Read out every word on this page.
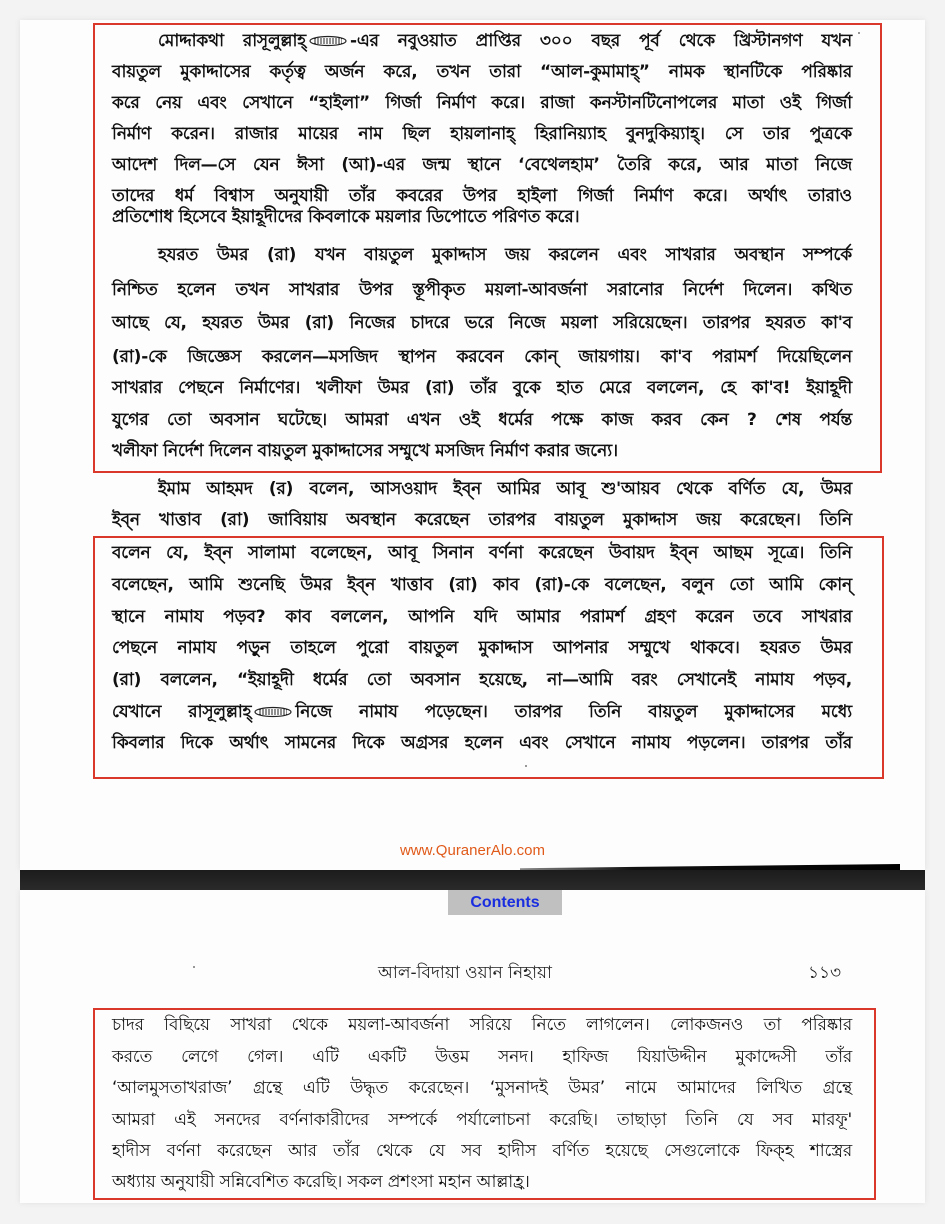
মোদ্দাকথা রাসূলুল্লাহ্	-এর নবুওয়াত প্রাপ্তির ৩০০ বছর পূর্ব থেকে খ্রিস্টানগণ যখন
বায়তুল মুকাদ্দাসের কর্তৃত্ব অর্জন করে, তখন তারা “আল-কুমামাহ্” নামক স্থানটিকে পরিষ্কার
করে নেয় এবং সেখানে “হাইলা” গির্জা নির্মাণ করে। রাজা কনস্টানটিনোপলের মাতা ওই গির্জা
নির্মাণ করেন। রাজার মায়ের নাম ছিল হায়লানাহ্ হিরানিয়্যাহ বুনদুকিয়্যাহ্। সে তার পুত্রকে
আদেশ দিল—সে যেন ঈসা (আ)-এর জন্ম স্থানে ‘বেথেলহাম’ তৈরি করে, আর মাতা নিজে
তাদের ধর্ম বিশ্বাস অনুযায়ী তাঁর কবরের উপর হাইলা গির্জা নির্মাণ করে। অর্থাৎ তারাও
প্রতিশোধ হিসেবে ইয়াহূদীদের কিবলাকে ময়লার ডিপোতে পরিণত করে।
হযরত উমর (রা) যখন বায়তুল মুকাদ্দাস জয় করলেন এবং সাখরার অবস্থান সম্পর্কে
নিশ্চিত হলেন তখন সাখরার উপর স্তূপীকৃত ময়লা-আবর্জনা সরানোর নির্দেশ দিলেন। কথিত
আছে যে, হযরত উমর (রা) নিজের চাদরে ভরে নিজে ময়লা সরিয়েছেন। তারপর হযরত কা'ব
(রা)-কে জিজ্ঞেস করলেন—মসজিদ স্থাপন করবেন কোন্ জায়গায়। কা'ব পরামর্শ দিয়েছিলেন
সাখরার পেছনে নির্মাণের। খলীফা উমর (রা) তাঁর বুকে হাত মেরে বললেন, হে কা'ব! ইয়াহূদী
যুগের তো অবসান ঘটেছে। আমরা এখন ওই ধর্মের পক্ষে কাজ করব কেন ? শেষ পর্যন্ত
খলীফা নির্দেশ দিলেন বায়তুল মুকাদ্দাসের সম্মুখে মসজিদ নির্মাণ করার জন্যে।
ইমাম আহমদ (র) বলেন, আসওয়াদ ইব্ন আমির আবূ শু'আয়ব থেকে বর্ণিত যে, উমর
ইব্ন খাত্তাব (রা) জাবিয়ায় অবস্থান করেছেন তারপর বায়তুল মুকাদ্দাস জয় করেছেন। তিনি
বলেন যে, ইব্ন সালামা বলেছেন, আবূ সিনান বর্ণনা করেছেন উবায়দ ইব্ন আছম সূত্রে। তিনি
বলেছেন, আমি শুনেছি উমর ইব্ন খাত্তাব (রা) কাব (রা)-কে বলেছেন, বলুন তো আমি কোন্
স্থানে নামায পড়ব? কাব বললেন, আপনি যদি আমার পরামর্শ গ্রহণ করেন তবে সাখরার
পেছনে নামায পড়ুন তাহলে পুরো বায়তুল মুকাদ্দাস আপনার সম্মুখে থাকবে। হযরত উমর
(রা) বললেন, “ইয়াহূদী ধর্মের তো অবসান হয়েছে, না—আমি বরং সেখানেই নামায পড়ব,
যেখানে রাসূলুল্লাহ্	নিজে নামায পড়েছেন। তারপর তিনি বায়তুল মুকাদ্দাসের মধ্যে
কিবলার দিকে অর্থাৎ সামনের দিকে অগ্রসর হলেন এবং সেখানে নামায পড়লেন। তারপর তাঁর
www.QuranerAlo.com
Contents
আল-বিদায়া ওয়ান নিহায়া	১১৩
চাদর বিছিয়ে সাখরা থেকে ময়লা-আবর্জনা সরিয়ে নিতে লাগলেন। লোকজনও তা পরিষ্কার
করতে লেগে গেল। এটি একটি উত্তম সনদ। হাফিজ যিয়াউদ্দীন মুকাদ্দেসী তাঁর
‘আলমুসতাখরাজ’ গ্রন্থে এটি উদ্ধৃত করেছেন। ‘মুসনাদই উমর’ নামে আমাদের লিখিত গ্রন্থে
আমরা এই সনদের বর্ণনাকারীদের সম্পর্কে পর্যালোচনা করেছি। তাছাড়া তিনি যে সব মারফূ'
হাদীস বর্ণনা করেছেন আর তাঁর থেকে যে সব হাদীস বর্ণিত হয়েছে সেগুলোকে ফিক্হ শাস্ত্রের
অধ্যায় অনুযায়ী সন্নিবেশিত করেছি। সকল প্রশংসা মহান আল্লাহ্র।
